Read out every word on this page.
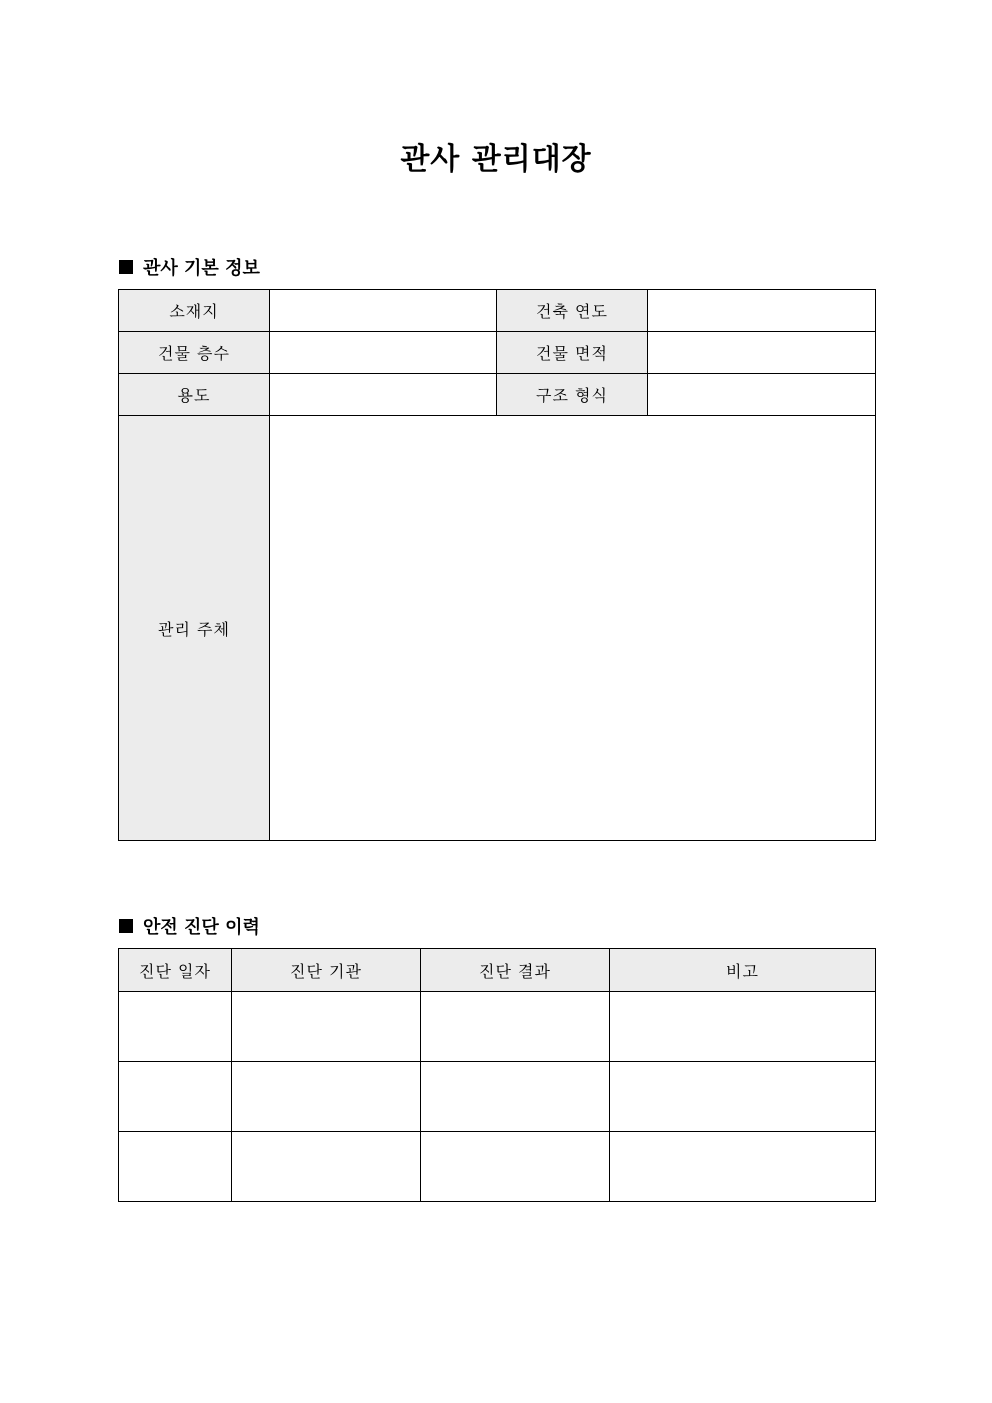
관사 관리대장
관사 기본 정보
소재지		건축 연도	
건물 층수		건물 면적	
용도		구조 형식	
관리 주체			
안전 진단 이력
진단 일자	진단 기관	진단 결과	비고
